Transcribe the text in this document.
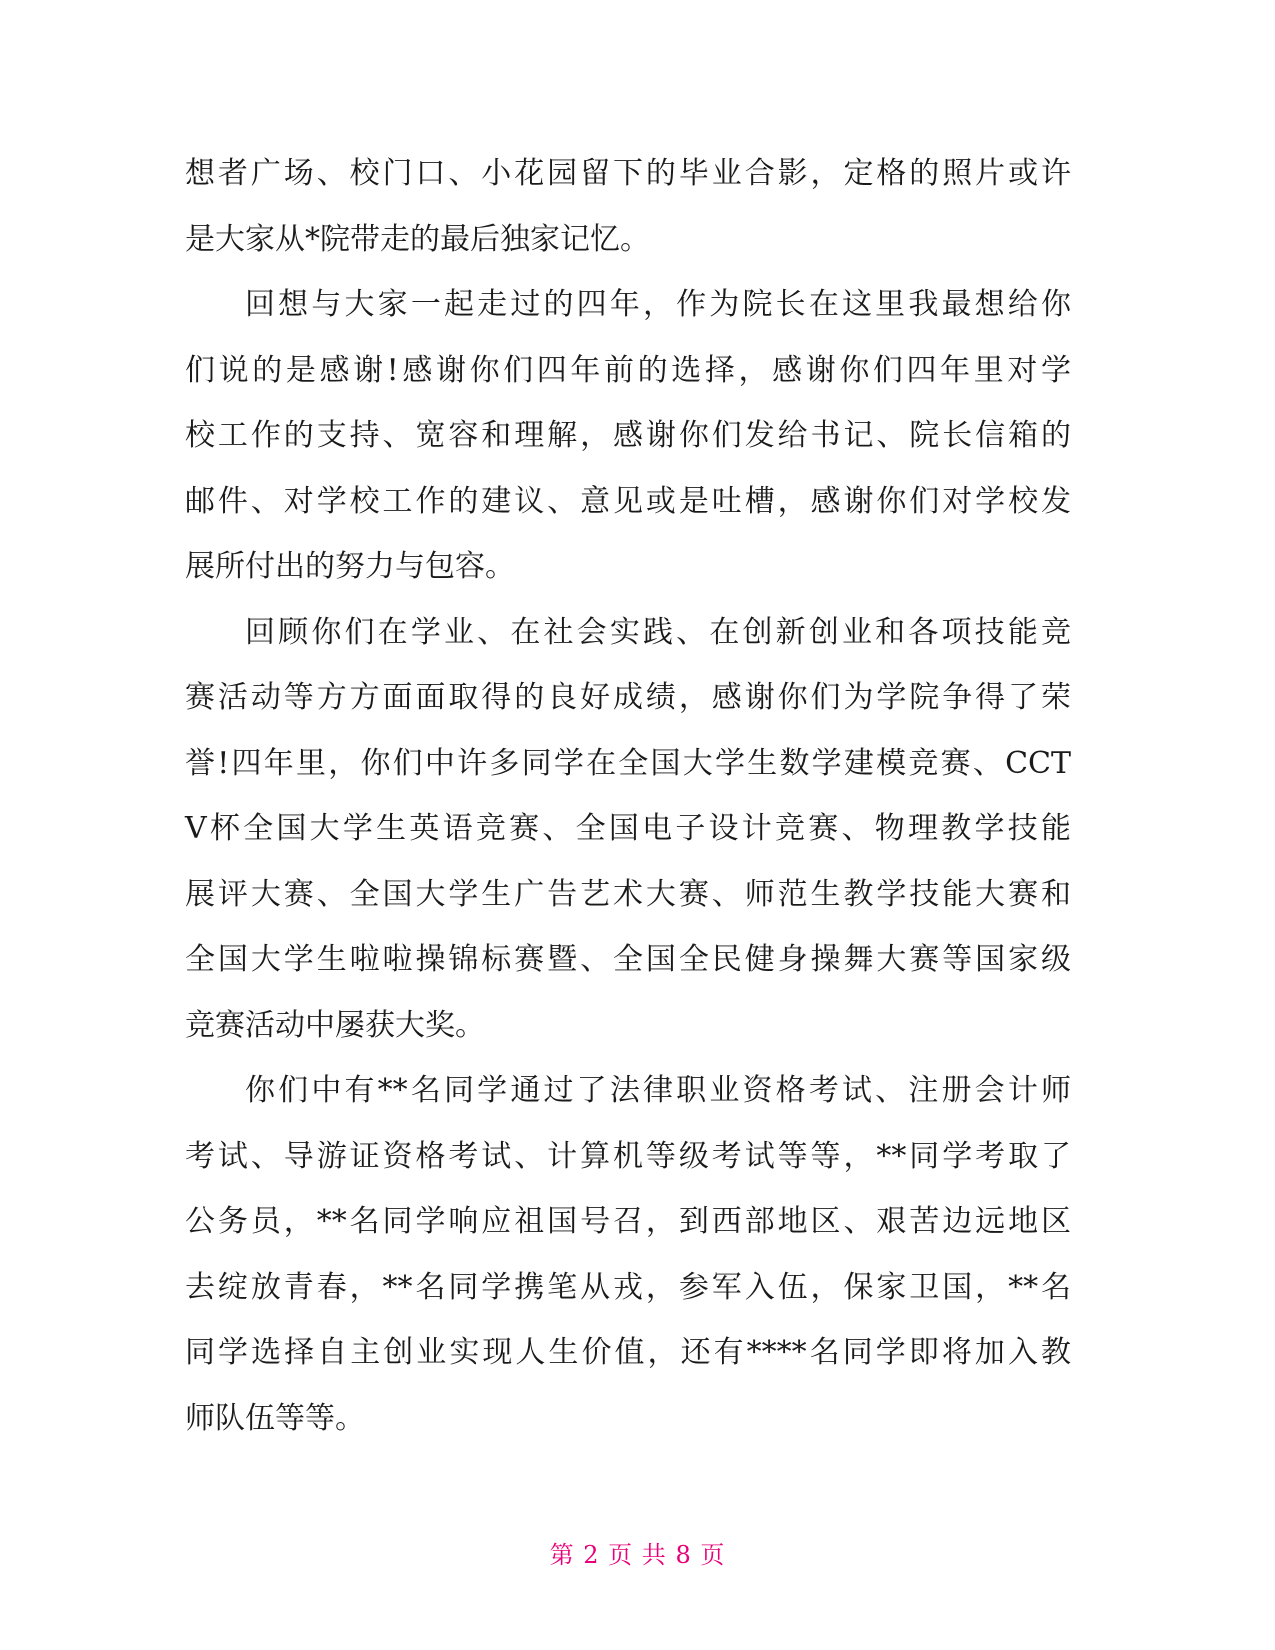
想者广场、校门口、小花园留下的毕业合影，定格的照片或许
是大家从*院带走的最后独家记忆。
回想与大家一起走过的四年，作为院长在这里我最想给你
们说的是感谢!感谢你们四年前的选择，感谢你们四年里对学
校工作的支持、宽容和理解，感谢你们发给书记、院长信箱的
邮件、对学校工作的建议、意见或是吐槽，感谢你们对学校发
展所付出的努力与包容。
回顾你们在学业、在社会实践、在创新创业和各项技能竞
赛活动等方方面面取得的良好成绩，感谢你们为学院争得了荣
誉!四年里，你们中许多同学在全国大学生数学建模竞赛、CCT
V杯全国大学生英语竞赛、全国电子设计竞赛、物理教学技能
展评大赛、全国大学生广告艺术大赛、师范生教学技能大赛和
全国大学生啦啦操锦标赛暨、全国全民健身操舞大赛等国家级
竞赛活动中屡获大奖。
你们中有**名同学通过了法律职业资格考试、注册会计师
考试、导游证资格考试、计算机等级考试等等，**同学考取了
公务员，**名同学响应祖国号召，到西部地区、艰苦边远地区
去绽放青春，**名同学携笔从戎，参军入伍，保家卫国，**名
同学选择自主创业实现人生价值，还有****名同学即将加入教
师队伍等等。
第 2 页 共 8 页
